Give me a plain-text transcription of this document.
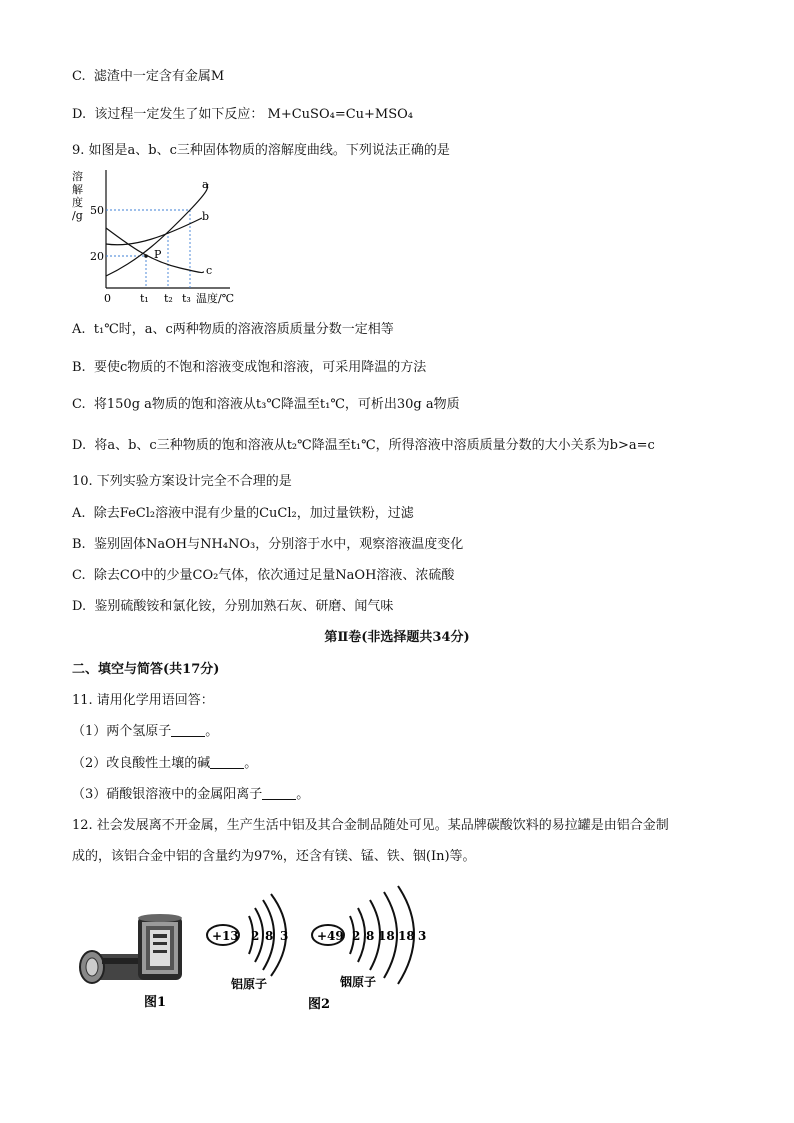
C. 滤渣中一定含有金属M
D. 该过程一定发生了如下反应： M+CuSO₄=Cu+MSO₄
9. 如图是a、b、c三种固体物质的溶解度曲线。下列说法正确的是
溶
解
度
/g 50
20
0	t₁ t₂ t₃ 温度/℃
P
a
b
c
A. t₁℃时，a、c两种物质的溶液溶质质量分数一定相等
B. 要使c物质的不饱和溶液变成饱和溶液，可采用降温的方法
C. 将150g a物质的饱和溶液从t₃℃降温至t₁℃，可析出30g a物质
D. 将a、b、c三种物质的饱和溶液从t₂℃降温至t₁℃，所得溶液中溶质质量分数的大小关系为b>a=c
10. 下列实验方案设计完全不合理的是
A. 除去FeCl₂溶液中混有少量的CuCl₂，加过量铁粉，过滤
B. 鉴别固体NaOH与NH₄NO₃，分别溶于水中，观察溶液温度变化
C. 除去CO中的少量CO₂气体，依次通过足量NaOH溶液、浓硫酸
D. 鉴别硫酸铵和氯化铵，分别加熟石灰、研磨、闻气味
第Ⅱ卷(非选择题共34分)
二、填空与简答(共17分)
11. 请用化学用语回答：
（1）两个氢原子	。
（2）改良酸性土壤的碱	。
（3）硝酸银溶液中的金属阳离子	。
12. 社会发展离不开金属，生产生活中铝及其合金制品随处可见。某品牌碳酸饮料的易拉罐是由铝合金制
成的，该铝合金中铝的含量约为97%，还含有镁、锰、铁、铟(In)等。
图1
+13 2 8 3
铝原子
+49 2 8 18 18 3
铟原子
图2
